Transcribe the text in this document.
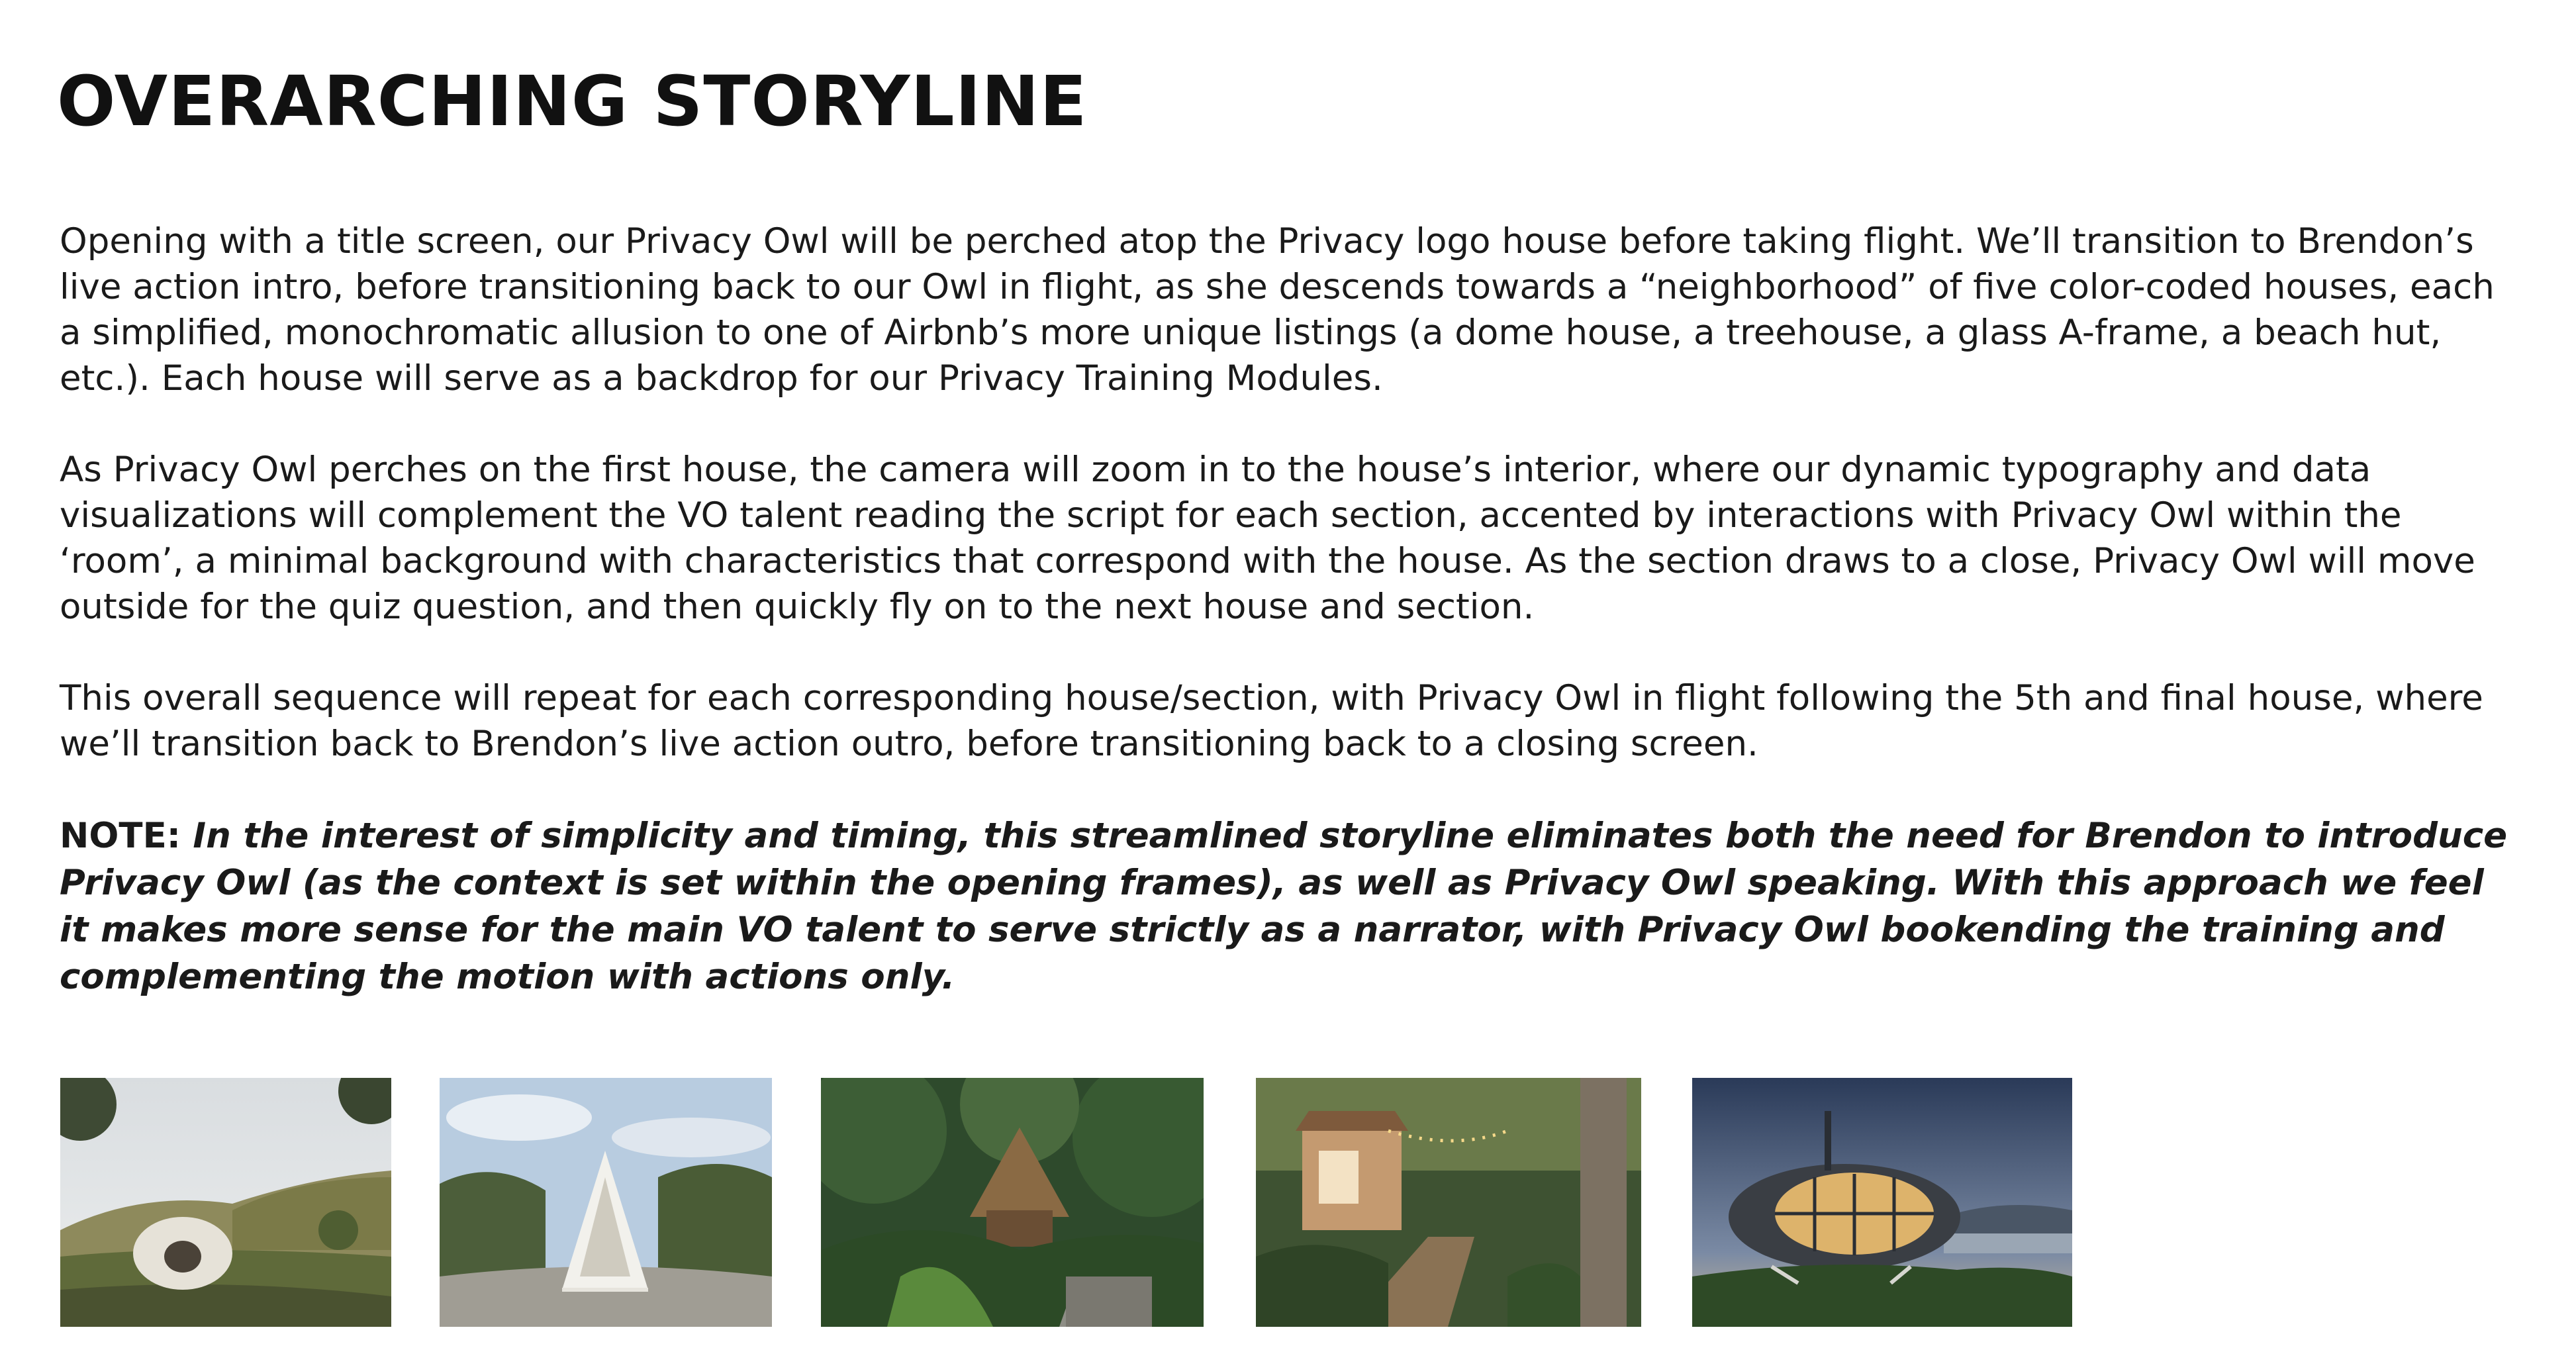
OVERARCHING STORYLINE

Opening with a title screen, our Privacy Owl will be perched atop the Privacy logo house before taking flight. We’ll transition to Brendon’s live action intro, before transitioning back to our Owl in flight, as she descends towards a “neighborhood” of five color-coded houses, each a simplified, monochromatic allusion to one of Airbnb’s more unique listings (a dome house, a treehouse, a glass A-frame, a beach hut, etc.). Each house will serve as a backdrop for our Privacy Training Modules.

As Privacy Owl perches on the first house, the camera will zoom in to the house’s interior, where our dynamic typography and data visualizations will complement the VO talent reading the script for each section, accented by interactions with Privacy Owl within the ‘room’, a minimal background with characteristics that correspond with the house. As the section draws to a close, Privacy Owl will move outside for the quiz question, and then quickly fly on to the next house and section.

This overall sequence will repeat for each corresponding house/section, with Privacy Owl in flight following the 5th and final house, where we’ll transition back to Brendon’s live action outro, before transitioning back to a closing screen.

NOTE: In the interest of simplicity and timing, this streamlined storyline eliminates both the need for Brendon to introduce Privacy Owl (as the context is set within the opening frames), as well as Privacy Owl speaking. With this approach we feel it makes more sense for the main VO talent to serve strictly as a narrator, with Privacy Owl bookending the training and complementing the motion with actions only.
